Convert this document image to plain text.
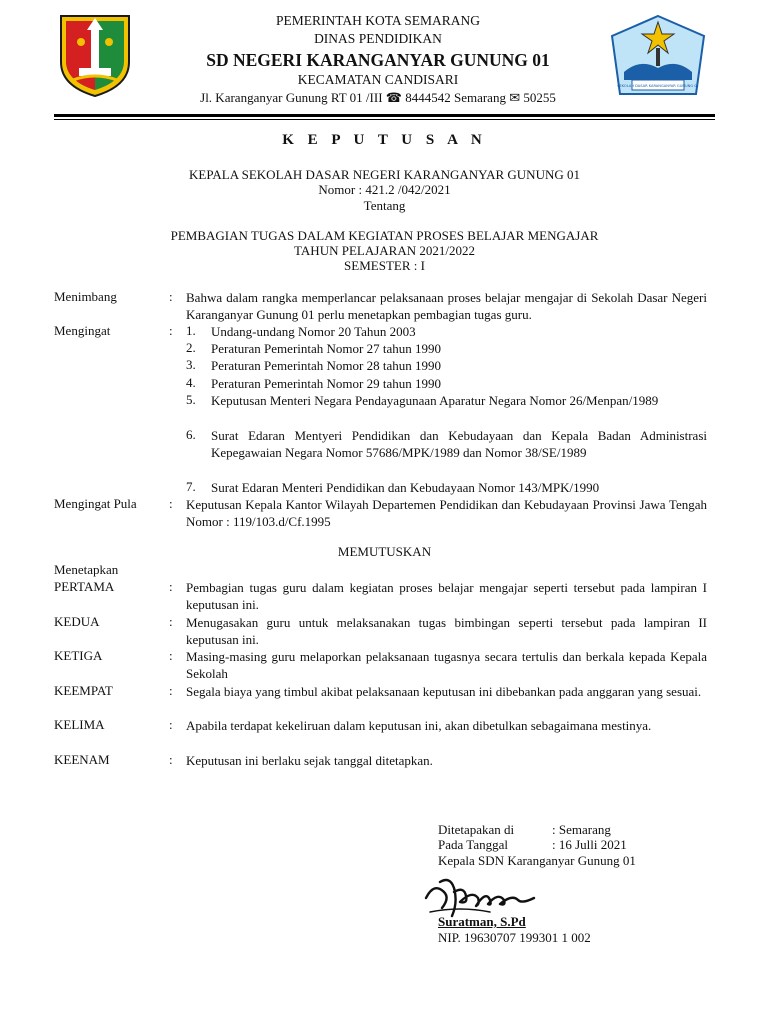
SEKOLAH DASAR KARANGANYAR GUNUNG 01
PEMERINTAH KOTA SEMARANG
DINAS PENDIDIKAN
SD NEGERI KARANGANYAR GUNUNG 01
KECAMATAN CANDISARI
Jl. Karanganyar Gunung RT 01 /III ☎ 8444542 Semarang ✉ 50255
K E P U T U S A N
KEPALA SEKOLAH DASAR NEGERI KARANGANYAR GUNUNG 01
Nomor : 421.2 /042/2021
Tentang
PEMBAGIAN TUGAS DALAM KEGIATAN PROSES BELAJAR MENGAJAR
TAHUN PELAJARAN 2021/2022
SEMESTER : I
Menimbang	: Bahwa dalam rangka memperlancar pelaksanaan proses belajar mengajar di Sekolah Dasar Negeri Karanganyar Gunung 01 perlu menetapkan pembagian tugas guru.
Mengingat	: 1. Undang-undang Nomor 20 Tahun 2003
2. Peraturan Pemerintah Nomor 27 tahun 1990
3. Peraturan Pemerintah Nomor 28 tahun 1990
4. Peraturan Pemerintah Nomor 29 tahun 1990
5. Keputusan Menteri Negara Pendayagunaan Aparatur Negara Nomor 26/Menpan/1989
6. Surat Edaran Mentyeri Pendidikan dan Kebudayaan dan Kepala Badan Administrasi Kepegawaian Negara Nomor 57686/MPK/1989 dan Nomor 38/SE/1989
7. Surat Edaran Menteri Pendidikan dan Kebudayaan Nomor 143/MPK/1990
Mengingat Pula : Keputusan Kepala Kantor Wilayah Departemen Pendidikan dan Kebudayaan Provinsi Jawa Tengah Nomor : 119/103.d/Cf.1995
MEMUTUSKAN
Menetapkan
PERTAMA	: Pembagian tugas guru dalam kegiatan proses belajar mengajar seperti tersebut pada lampiran I keputusan ini.
KEDUA	: Menugasakan guru untuk melaksanakan tugas bimbingan seperti tersebut pada lampiran II keputusan ini.
KETIGA	: Masing-masing guru melaporkan pelaksanaan tugasnya secara tertulis dan berkala kepada Kepala Sekolah
KEEMPAT	: Segala biaya yang timbul akibat pelaksanaan keputusan ini dibebankan pada anggaran yang sesuai.
KELIMA	: Apabila terdapat kekeliruan dalam keputusan ini, akan dibetulkan sebagaimana mestinya.
KEENAM	: Keputusan ini berlaku sejak tanggal ditetapkan.
Ditetapakan di	: Semarang
Pada Tanggal	: 16 Julli 2021
Kepala SDN Karanganyar Gunung 01
Suratman, S.Pd
NIP. 19630707 199301 1 002
